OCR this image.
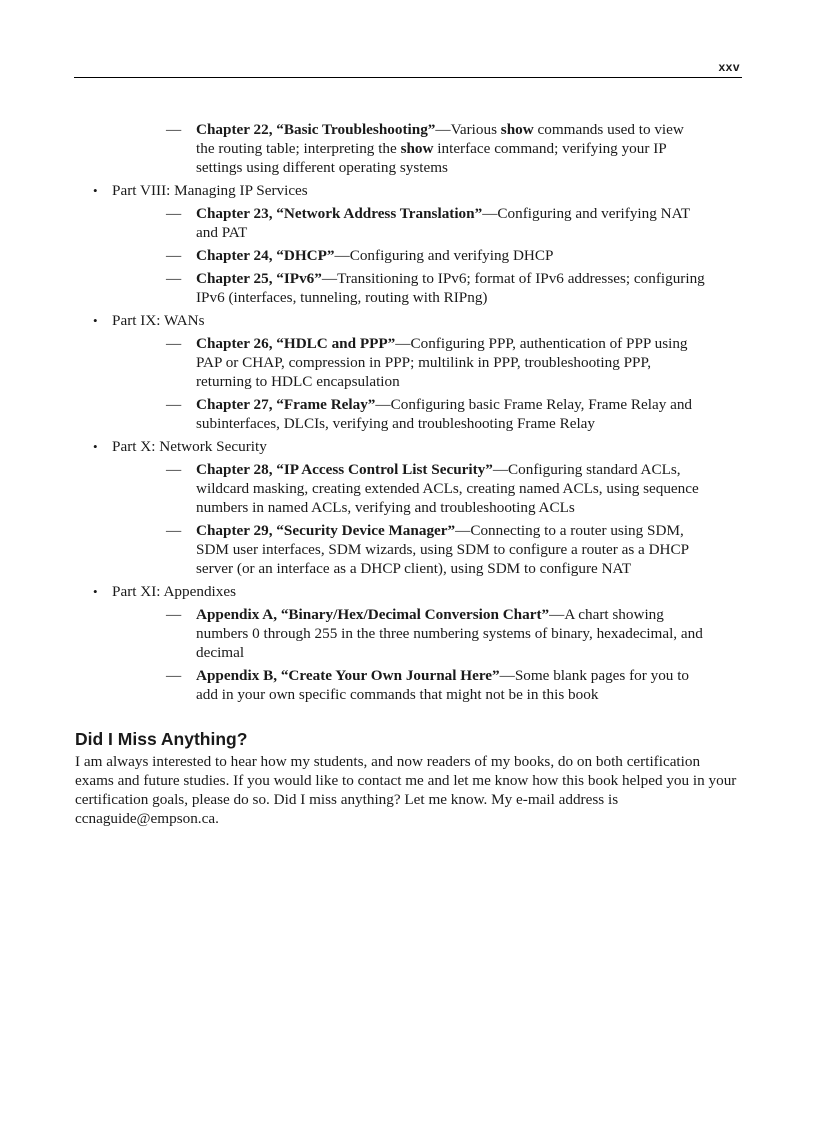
xxv
— Chapter 22, “Basic Troubleshooting”—Various show commands used to view the routing table; interpreting the show interface command; verifying your IP settings using different operating systems
• Part VIII: Managing IP Services
— Chapter 23, “Network Address Translation”—Configuring and verifying NAT and PAT
— Chapter 24, “DHCP”—Configuring and verifying DHCP
— Chapter 25, “IPv6”—Transitioning to IPv6; format of IPv6 addresses; configuring IPv6 (interfaces, tunneling, routing with RIPng)
• Part IX: WANs
— Chapter 26, “HDLC and PPP”—Configuring PPP, authentication of PPP using PAP or CHAP, compression in PPP; multilink in PPP, troubleshooting PPP, returning to HDLC encapsulation
— Chapter 27, “Frame Relay”—Configuring basic Frame Relay, Frame Relay and subinterfaces, DLCIs, verifying and troubleshooting Frame Relay
• Part X: Network Security
— Chapter 28, “IP Access Control List Security”—Configuring standard ACLs, wildcard masking, creating extended ACLs, creating named ACLs, using sequence numbers in named ACLs, verifying and troubleshooting ACLs
— Chapter 29, “Security Device Manager”—Connecting to a router using SDM, SDM user interfaces, SDM wizards, using SDM to configure a router as a DHCP server (or an interface as a DHCP client), using SDM to configure NAT
• Part XI: Appendixes
— Appendix A, “Binary/Hex/Decimal Conversion Chart”—A chart showing numbers 0 through 255 in the three numbering systems of binary, hexadecimal, and decimal
— Appendix B, “Create Your Own Journal Here”—Some blank pages for you to add in your own specific commands that might not be in this book
Did I Miss Anything?
I am always interested to hear how my students, and now readers of my books, do on both certification exams and future studies. If you would like to contact me and let me know how this book helped you in your certification goals, please do so. Did I miss anything? Let me know. My e-mail address is ccnaguide@empson.ca.
